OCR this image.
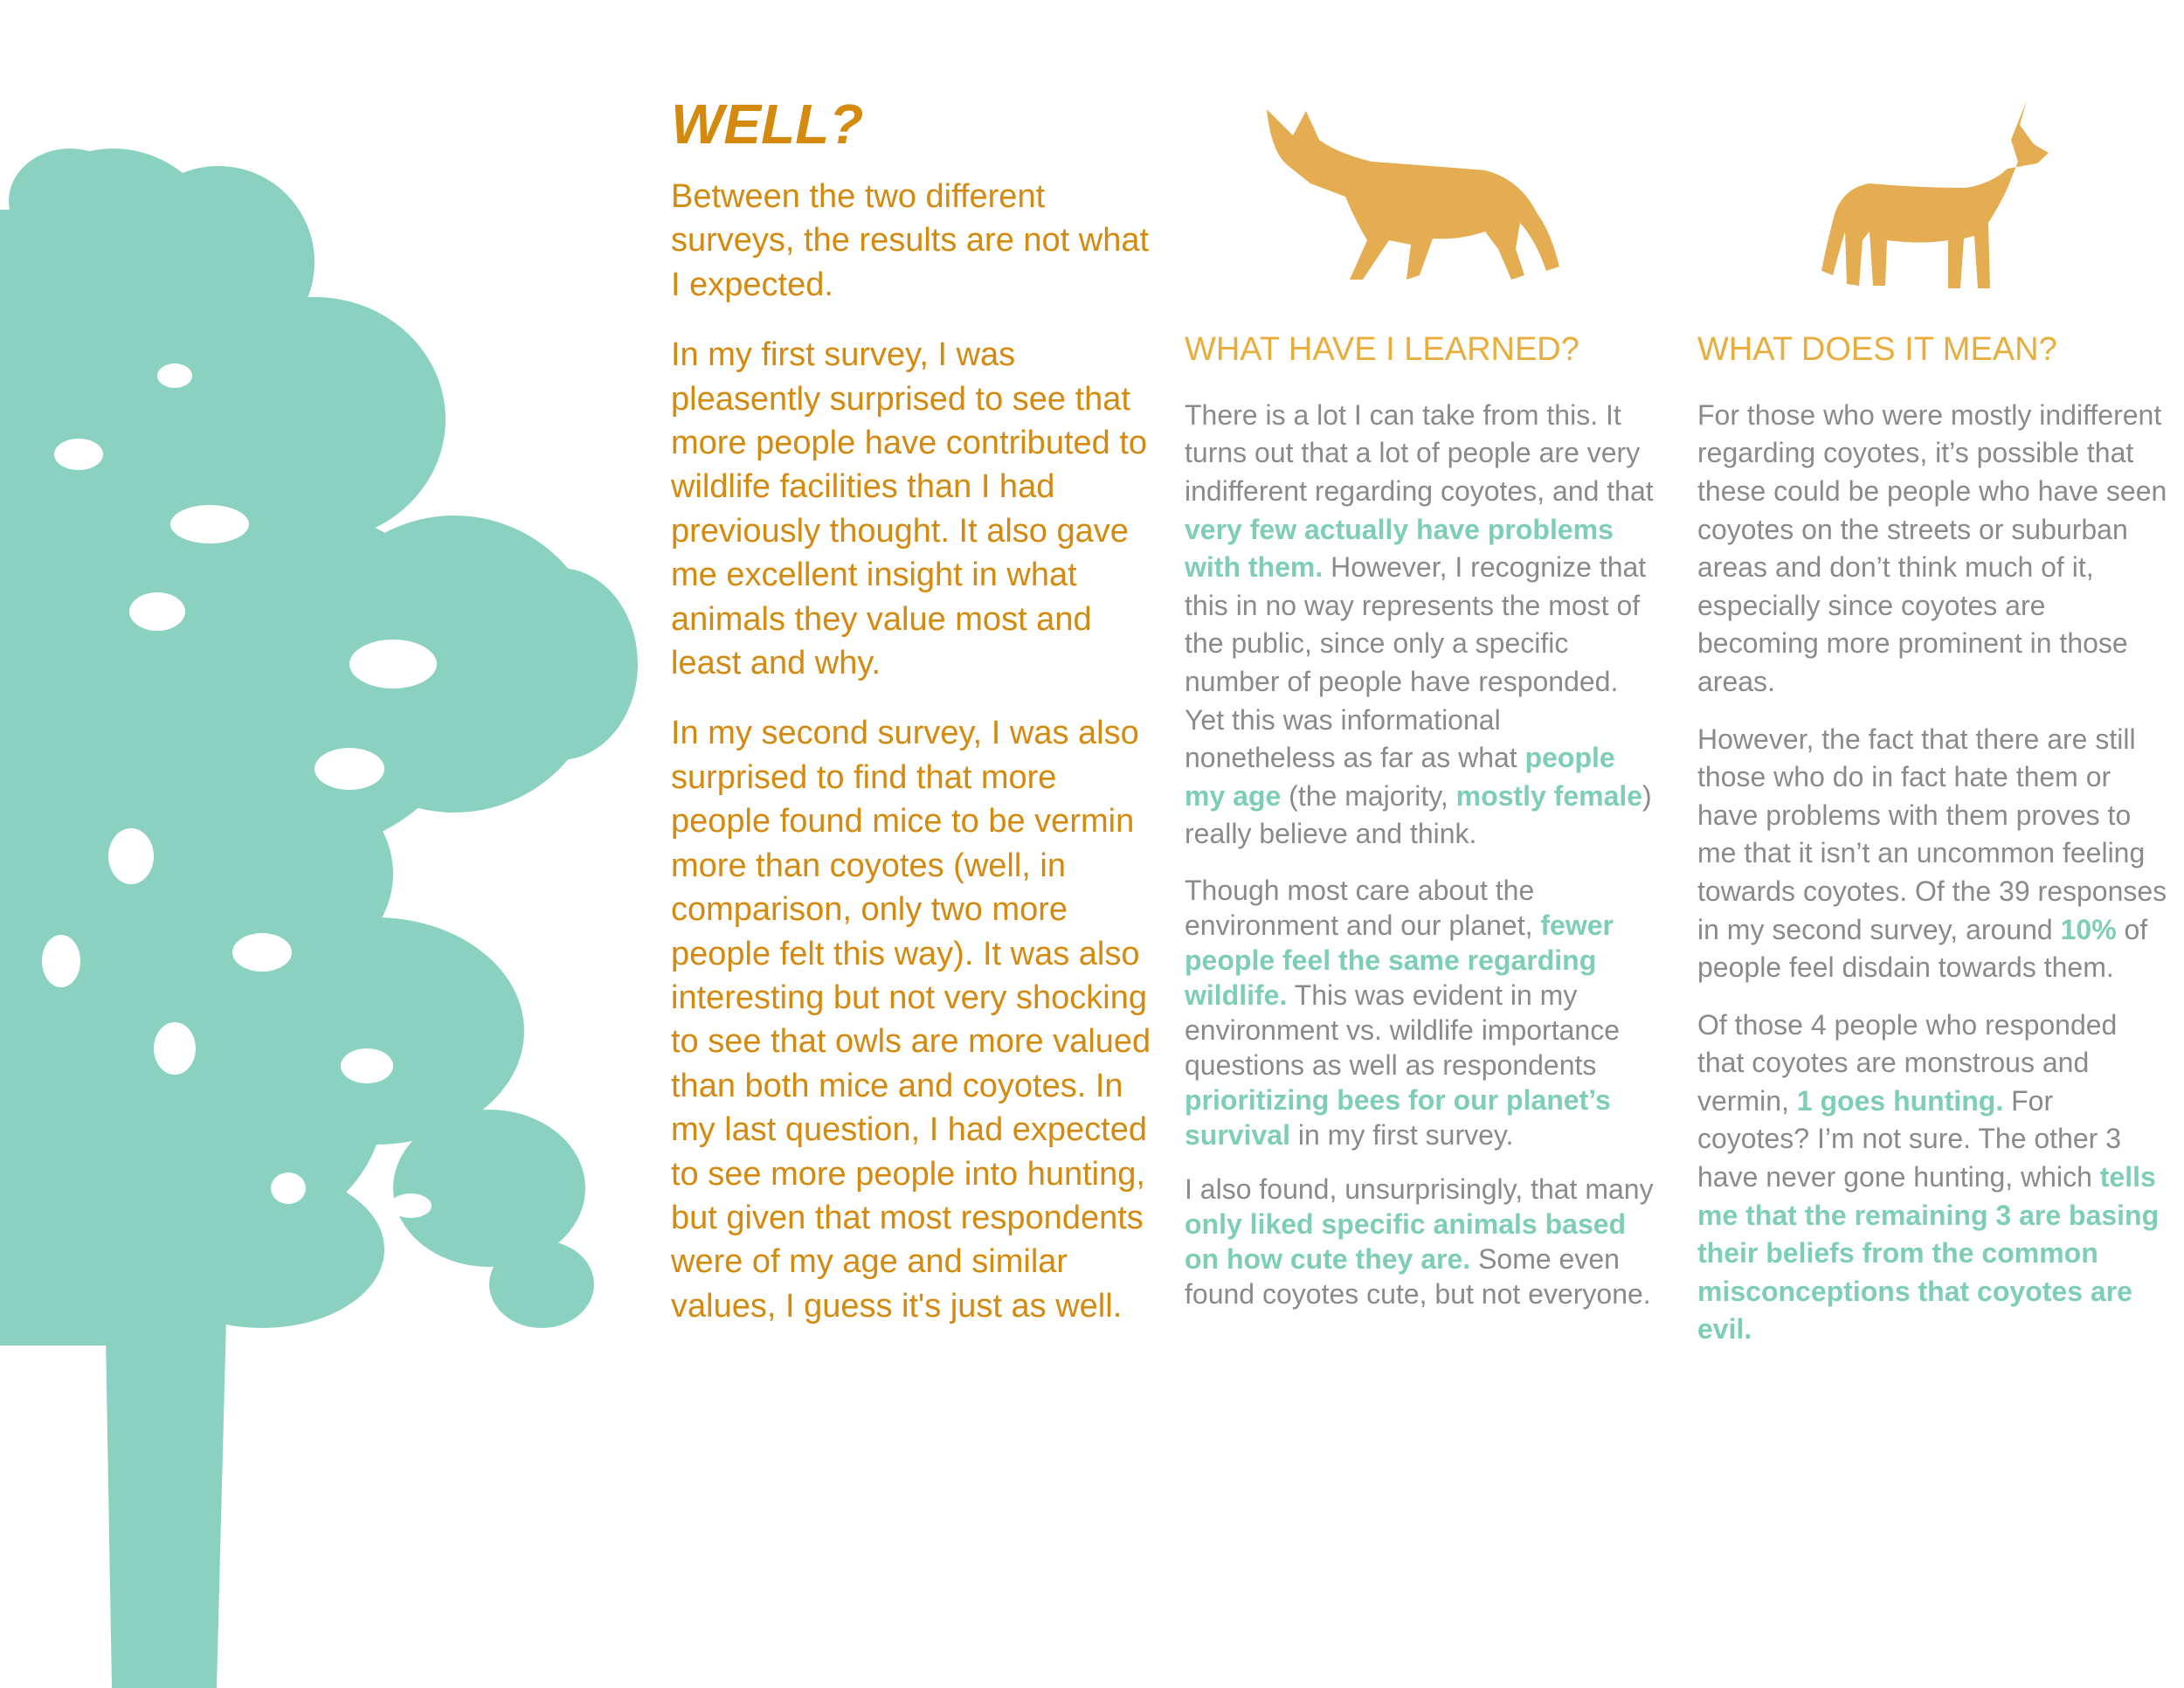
WELL?

Between the two different surveys, the results are not what I expected.

In my first survey, I was pleasently surprised to see that more people have contributed to wildlife facilities than I had previously thought. It also gave me excellent insight in what animals they value most and least and why.

In my second survey, I was also surprised to find that more people found mice to be vermin more than coyotes (well, in comparison, only two more people felt this way). It was also interesting but not very shocking to see that owls are more valued than both mice and coyotes. In my last question, I had expected to see more people into hunting, but given that most respondents were of my age and similar values, I guess it's just as well.

WHAT HAVE I LEARNED?

There is a lot I can take from this. It turns out that a lot of people are very indifferent regarding coyotes, and that very few actually have problems with them. However, I recognize that this in no way represents the most of the public, since only a specific number of people have responded. Yet this was informational nonetheless as far as what people my age (the majority, mostly female) really believe and think.

Though most care about the environment and our planet, fewer people feel the same regarding wildlife. This was evident in my environment vs. wildlife importance questions as well as respondents prioritizing bees for our planet’s survival in my first survey.

I also found, unsurprisingly, that many only liked specific animals based on how cute they are. Some even found coyotes cute, but not everyone.

WHAT DOES IT MEAN?

For those who were mostly indifferent regarding coyotes, it’s possible that these could be people who have seen coyotes on the streets or suburban areas and don’t think much of it, especially since coyotes are becoming more prominent in those areas.

However, the fact that there are still those who do in fact hate them or have problems with them proves to me that it isn’t an uncommon feeling towards coyotes. Of the 39 responses in my second survey, around 10% of people feel disdain towards them.

Of those 4 people who responded that coyotes are monstrous and vermin, 1 goes hunting. For coyotes? I’m not sure. The other 3 have never gone hunting, which tells me that the remaining 3 are basing their beliefs from the common misconceptions that coyotes are evil.
